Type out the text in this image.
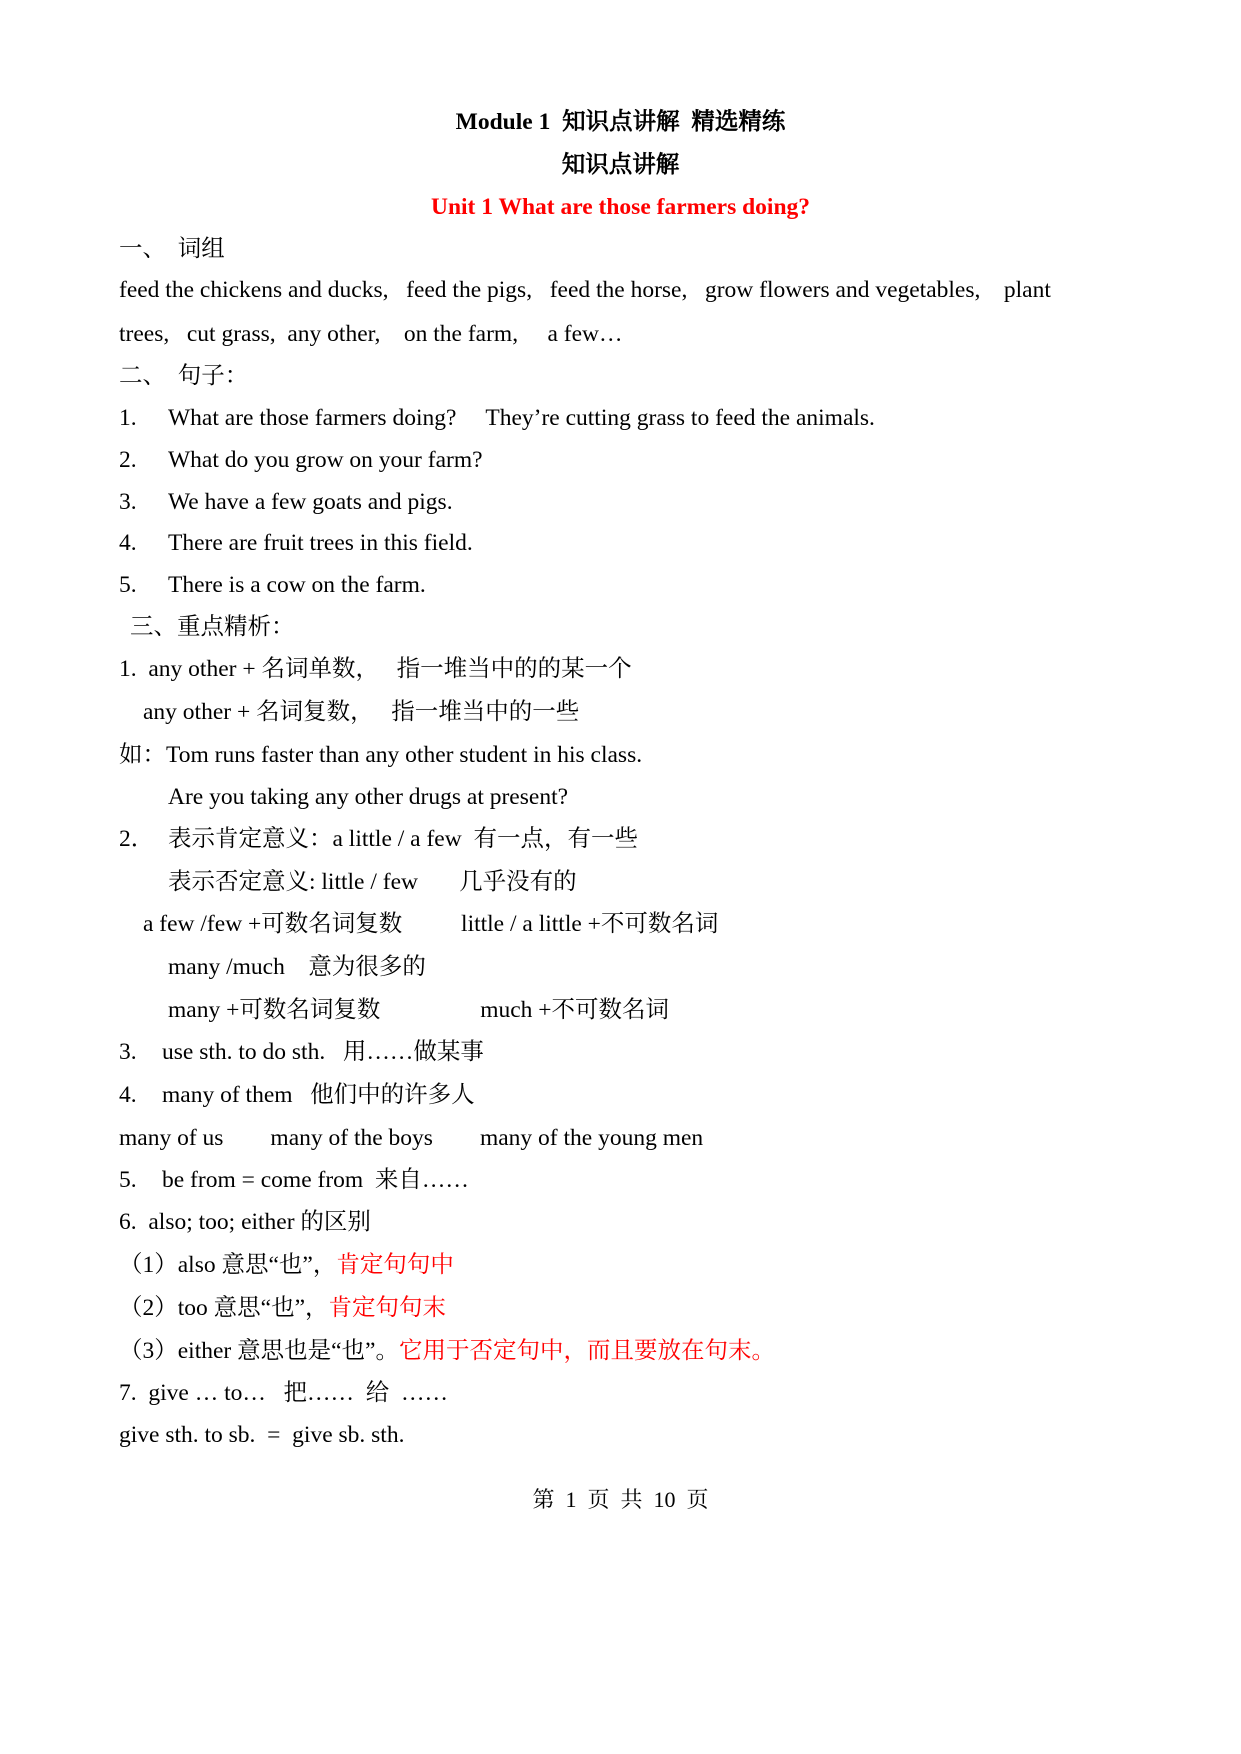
Module 1  知识点讲解  精选精练
知识点讲解
Unit 1 What are those farmers doing?
一、  词组
feed the chickens and ducks,   feed the pigs,   feed the horse,   grow flowers and vegetables,    plant
trees,   cut grass,  any other,    on the farm,     a few…
二、  句子：
1. What are those farmers doing?     They’re cutting grass to feed the animals.
2. What do you grow on your farm?
3. We have a few goats and pigs.
4. There are fruit trees in this field.
5. There is a cow on the farm.
三、重点精析：
1.  any other + 名词单数，   指一堆当中的的某一个
any other + 名词复数，   指一堆当中的一些
如：Tom runs faster than any other student in his class.
Are you taking any other drugs at present?
2． 表示肯定意义：a little / a few  有一点，有一些
表示否定意义: little / few       几乎没有的
a few /few +可数名词复数          little / a little +不可数名词
many /much    意为很多的
many +可数名词复数                 much +不可数名词
3. use sth. to do sth.   用……做某事
4. many of them   他们中的许多人
many of us        many of the boys        many of the young men
5. be from = come from  来自……
6.  also; too; either 的区别
（1）also 意思“也”，肯定句句中
（2）too 意思“也”，肯定句句末
（3）either 意思也是“也”。它用于否定句中，而且要放在句末。
7.  give … to…   把……  给  ……
give sth. to sb.  =  give sb. sth.
第  1  页  共  10  页
